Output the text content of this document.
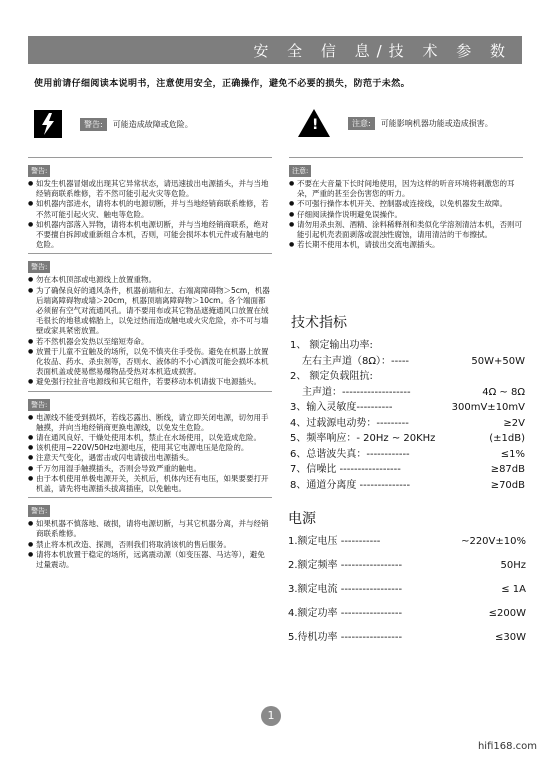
安 全 信 息/技 术 参 数
使用前请仔细阅读本说明书，注意使用安全，正确操作，避免不必要的损失，防范于未然。
警告:	可能造成故障或危险。	!	注意:	可能影响机器功能或造成损害。
警告:
● 如发生机器冒烟或出现其它异常状态，请迅速拔出电源插头，并与当地经销商联系维修，若不然可能引起火灾等危险。
● 如机器内部进水，请将本机的电源切断，并与当地经销商联系维修，若不然可能引起火灾、触电等危险。
● 如机器内部落入异物，请将本机电源切断，并与当地经销商联系，绝对不要擅自拆卸或重新组合本机，否则，可能会损坏本机元件或有触电的危险。
警告:
● 勿在本机顶部或电源线上放置重物。
● 为了确保良好的通风条件，机器前端和左、右端离障碍物＞5cm，机器后端离障碍物或墙＞20cm，机器顶端离障碍物＞10cm。各个端面都必须留有空气对流通风孔。请不要用布或其它物品遮掩通风口放置在绒毛很长的地毯或棉胎上，以免过热而造成触电或火灾危险，亦不可与墙壁或家具紧密放置。
● 若不然机器会发热以至缩短寿命。
● 放置于儿童不宜触及的场所，以免不慎夹住手受伤。避免在机器上放置化妆品、药水、杀虫剂等，否则水、液体的不小心洒泼可能会损坏本机表面机盖或使易燃易爆物品受热对本机造成损害。
● 避免强行拉扯音电源线和其它组件，若要移动本机请拔下电源插头。
警告:
● 电源线不能受到损坏，若线芯露出、断线，请立即关闭电源，切勿用手触摸，并向当地经销商更换电源线，以免发生危险。
● 请在通风良好、干燥处使用本机，禁止在水场使用，以免造成危险。
● 该机使用~220V/50Hz电源电压，使用其它电源电压是危险的。
● 注意天气变化，遇雷击或闪电请拔出电源插头。
● 千万勿用湿手触摸插头，否则会导致严重的触电。
● 由于本机使用单极电源开关，关机后，机体内还有电压，如果要要打开机盖，请先将电源插头拔离插座，以免触电。
警告:
● 如果机器不慎落地、破损，请将电源切断，与其它机器分离，并与经销商联系维修。
● 禁止将本机改造、探测，否则我们将取消该机的售后服务。
● 请将本机放置于稳定的场所，远离震动源（如变压器、马达等），避免过量震动。
注意:
● 不要在大音量下长时间地使用，因为这样的听音环境将刺激您的耳朵，严重的甚至会伤害您的听力。
● 不可强行操作本机开关、控制器或连接线，以免机器发生故障。
● 仔细阅读操作说明避免误操作。
● 请勿用杀虫剂、酒精、涂料稀释剂和类似化学溶剂清洁本机，否则可能引起机壳表面剥落或混浊性腐蚀，请用清洁的干布擦拭。
● 若长期不使用本机，请拔出交流电源插头。
技术指标
1、 额定输出功率:
左右主声道（8Ω）：-----	50W+50W
2、 额定负载阻抗:
主声道：-------------------	4Ω ~ 8Ω
3、输入灵敏度----------	300mV±10mV
4、过载源电动势：---------	≥2V
5、频率响应：- 20Hz ~ 20KHz	(±1dB)
6、总谐波失真：------------	≤1%
7、信噪比 -----------------	≥87dB
8、通道分离度 --------------	≥70dB
电源
1.额定电压 -----------	~220V±10%
2.额定频率 -----------------	50Hz
3.额定电流 -----------------	≤ 1A
4.额定功率 -----------------	≤200W
5.待机功率 -----------------	≤30W
1
hifi168.com
